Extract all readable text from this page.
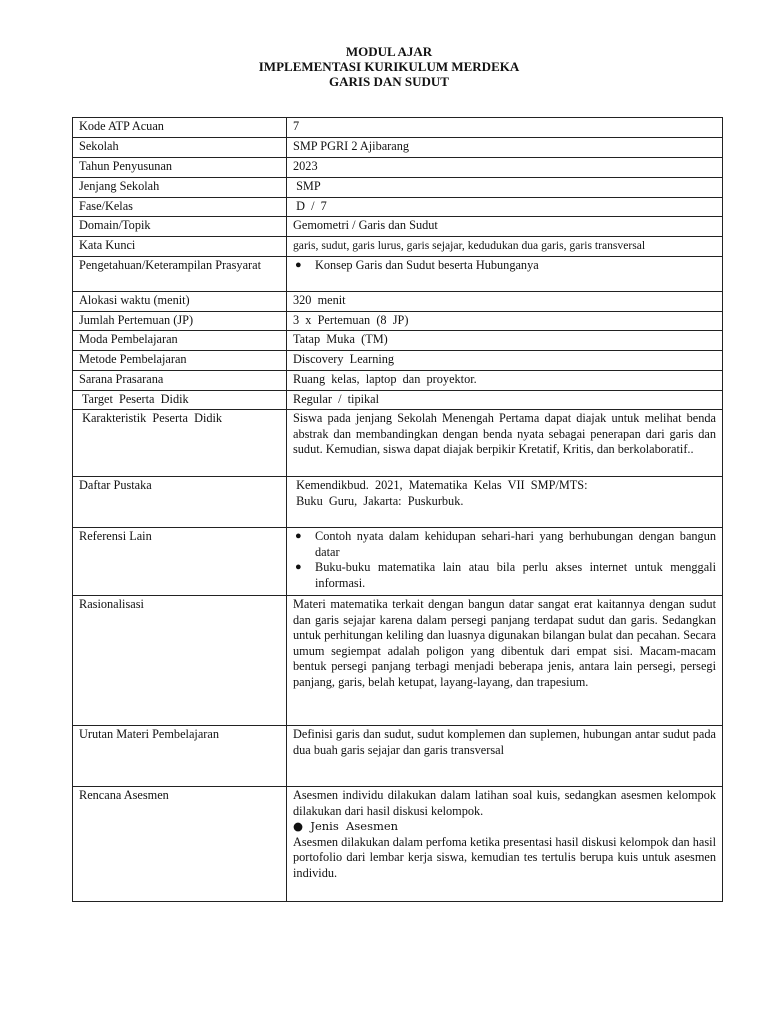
MODUL AJAR
IMPLEMENTASI KURIKULUM MERDEKA
GARIS DAN SUDUT
Kode ATP Acuan	7
Sekolah	SMP PGRI 2 Ajibarang
Tahun Penyusunan	2023
Jenjang Sekolah	SMP
Fase/Kelas	D  /  7
Domain/Topik	Gemometri / Garis dan Sudut
Kata Kunci	garis, sudut, garis lurus, garis sejajar, kedudukan dua garis, garis transversal
Pengetahuan/Keterampilan Prasyarat	● Konsep Garis dan Sudut beserta Hubunganya

Alokasi waktu (menit)	320  menit
Jumlah Pertemuan (JP)	3  x  Pertemuan  (8  JP)
Moda Pembelajaran	Tatap  Muka  (TM)
Metode Pembelajaran	Discovery  Learning
Sarana Prasarana	Ruang  kelas,  laptop  dan  proyektor.
Target  Peserta  Didik	Regular  /  tipikal
Karakteristik  Peserta  Didik	Siswa pada jenjang Sekolah Menengah Pertama dapat diajak untuk melihat benda abstrak dan membandingkan dengan benda nyata sebagai penerapan dari garis dan sudut. Kemudian, siswa dapat diajak berpikir Kretatif, Kritis, dan berkolaboratif..
Daftar Pustaka	Kemendikbud.  2021,  Matematika  Kelas  VII  SMP/MTS:
Buku  Guru,  Jakarta:  Puskurbuk.

Referensi Lain	● Contoh nyata dalam kehidupan sehari-hari yang berhubungan dengan bangun datar
● Buku-buku matematika lain atau bila perlu akses internet untuk menggali informasi.

Rasionalisasi	Materi matematika terkait dengan bangun datar sangat erat kaitannya dengan sudut dan garis sejajar karena dalam persegi panjang terdapat sudut dan garis. Sedangkan untuk perhitungan keliling dan luasnya digunakan bilangan bulat dan pecahan. Secara umum segiempat adalah poligon yang dibentuk dari empat sisi. Macam-macam bentuk persegi panjang terbagi menjadi beberapa jenis, antara lain persegi, persegi panjang, garis, belah ketupat, layang-layang, dan trapesium.
Urutan Materi Pembelajaran	Definisi garis dan sudut, sudut komplemen dan suplemen, hubungan antar sudut pada dua buah garis sejajar dan garis transversal
Rencana Asesmen	Asesmen individu dilakukan dalam latihan soal kuis, sedangkan asesmen kelompok dilakukan dari hasil diskusi kelompok.
●  Jenis  Asesmen
Asesmen dilakukan dalam perfoma ketika presentasi hasil diskusi kelompok dan hasil portofolio dari lembar kerja siswa, kemudian tes tertulis berupa kuis untuk asesmen individu.
